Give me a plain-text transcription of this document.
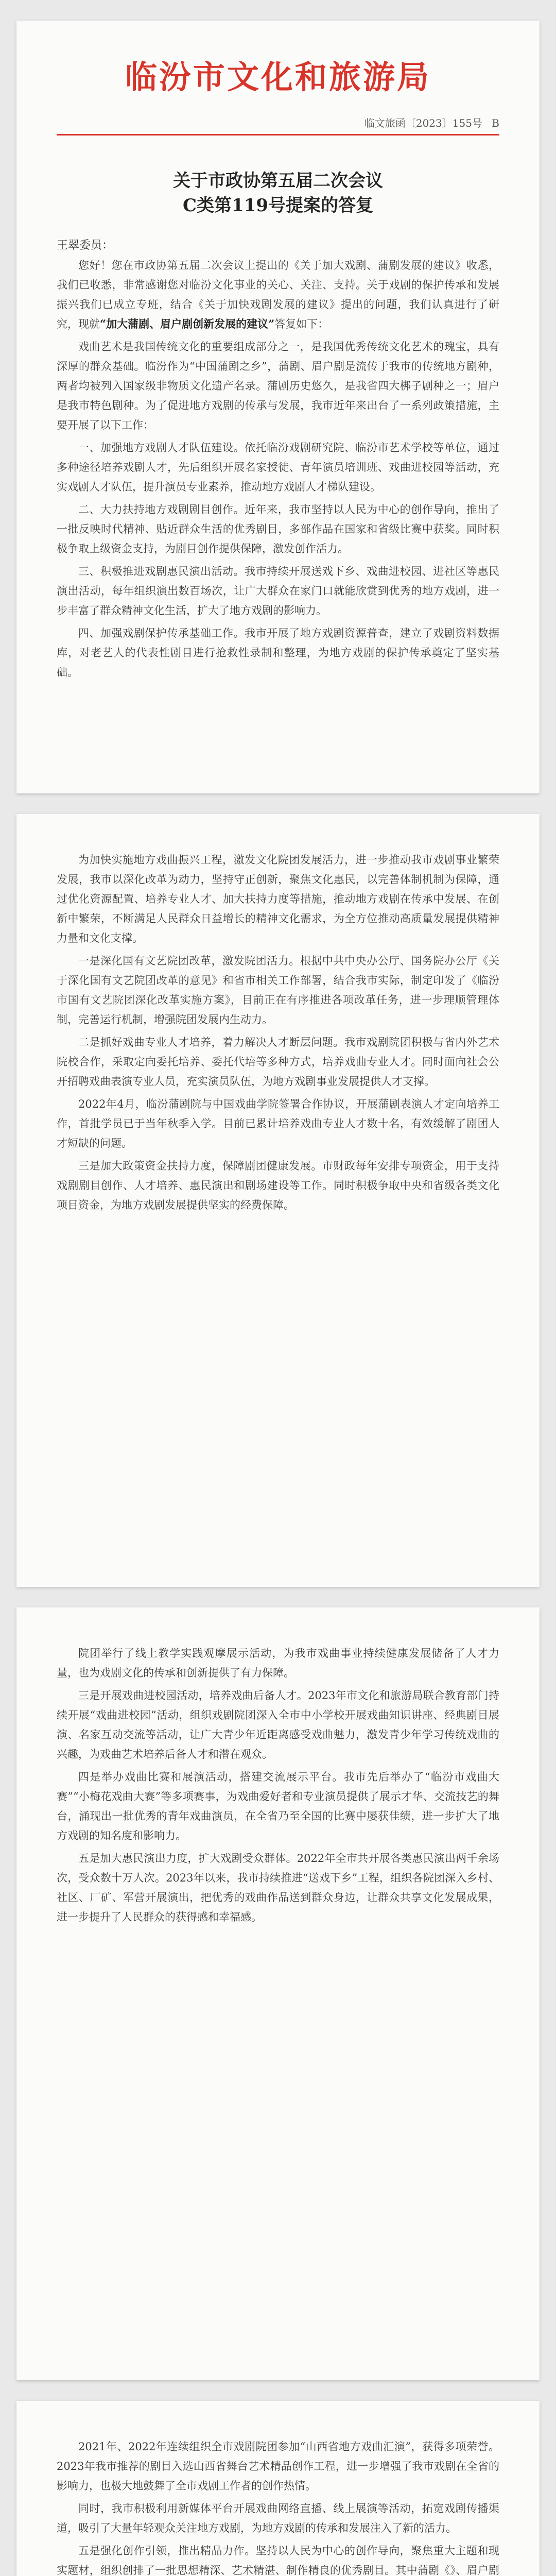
临汾市文化和旅游局
临文旅函〔2023〕155号 B
关于市政协第五届二次会议
C类第119号提案的答复
王翠委员：

您好！您在市政协第五届二次会议上提出的《关于加大戏剧、蒲剧发展的建议》收悉，我们已收悉，非常感谢您对临汾文化事业的关心、关注、支持。关于戏剧的保护传承和发展振兴我们已成立专班，结合《关于加快戏剧发展的建议》提出的问题，我们认真进行了研究，现就“加大蒲剧、眉户剧创新发展的建议”答复如下：

戏曲艺术是我国传统文化的重要组成部分之一，是我国优秀传统文化艺术的瑰宝，具有深厚的群众基础。临汾作为“中国蒲剧之乡”，蒲剧、眉户剧是流传于我市的传统地方剧种，两者均被列入国家级非物质文化遗产名录。蒲剧历史悠久，是我省四大梆子剧种之一；眉户是我市特色剧种。为了促进地方戏剧的传承与发展，我市近年来出台了一系列政策措施，主要开展了以下工作：

一、加强地方戏剧人才队伍建设。依托临汾戏剧研究院、临汾市艺术学校等单位，通过多种途径培养戏剧人才，先后组织开展名家授徒、青年演员培训班、戏曲进校园等活动，充实戏剧人才队伍，提升演员专业素养，推动地方戏剧人才梯队建设。

二、大力扶持地方戏剧剧目创作。近年来，我市坚持以人民为中心的创作导向，推出了一批反映时代精神、贴近群众生活的优秀剧目，多部作品在国家和省级比赛中获奖。同时积极争取上级资金支持，为剧目创作提供保障，激发创作活力。

三、积极推进戏剧惠民演出活动。我市持续开展送戏下乡、戏曲进校园、进社区等惠民演出活动，每年组织演出数百场次，让广大群众在家门口就能欣赏到优秀的地方戏剧，进一步丰富了群众精神文化生活，扩大了地方戏剧的影响力。

四、加强戏剧保护传承基础工作。我市开展了地方戏剧资源普查，建立了戏剧资料数据库，对老艺人的代表性剧目进行抢救性录制和整理，为地方戏剧的保护传承奠定了坚实基础。

为加快实施地方戏曲振兴工程，激发文化院团发展活力，进一步推动我市戏剧事业繁荣发展，我市以深化改革为动力，坚持守正创新，聚焦文化惠民，以完善体制机制为保障，通过优化资源配置、培养专业人才、加大扶持力度等措施，推动地方戏剧在传承中发展、在创新中繁荣，不断满足人民群众日益增长的精神文化需求，为全方位推动高质量发展提供精神力量和文化支撑。

一是深化国有文艺院团改革，激发院团活力。根据中共中央办公厅、国务院办公厅《关于深化国有文艺院团改革的意见》和省市相关工作部署，结合我市实际，制定印发了《临汾市国有文艺院团深化改革实施方案》，目前正在有序推进各项改革任务，进一步理顺管理体制，完善运行机制，增强院团发展内生动力。

二是抓好戏曲专业人才培养，着力解决人才断层问题。我市戏剧院团积极与省内外艺术院校合作，采取定向委托培养、委托代培等多种方式，培养戏曲专业人才。同时面向社会公开招聘戏曲表演专业人员，充实演员队伍，为地方戏剧事业发展提供人才支撑。

2022年4月，临汾蒲剧院与中国戏曲学院签署合作协议，开展蒲剧表演人才定向培养工作，首批学员已于当年秋季入学。目前已累计培养戏曲专业人才数十名，有效缓解了剧团人才短缺的问题。

三是加大政策资金扶持力度，保障剧团健康发展。市财政每年安排专项资金，用于支持戏剧剧目创作、人才培养、惠民演出和剧场建设等工作。同时积极争取中央和省级各类文化项目资金，为地方戏剧发展提供坚实的经费保障。

院团举行了线上教学实践观摩展示活动，为我市戏曲事业持续健康发展储备了人才力量，也为戏剧文化的传承和创新提供了有力保障。

三是开展戏曲进校园活动，培养戏曲后备人才。2023年市文化和旅游局联合教育部门持续开展“戏曲进校园”活动，组织戏剧院团深入全市中小学校开展戏曲知识讲座、经典剧目展演、名家互动交流等活动，让广大青少年近距离感受戏曲魅力，激发青少年学习传统戏曲的兴趣，为戏曲艺术培养后备人才和潜在观众。

四是举办戏曲比赛和展演活动，搭建交流展示平台。我市先后举办了“临汾市戏曲大赛”“小梅花戏曲大赛”等多项赛事，为戏曲爱好者和专业演员提供了展示才华、交流技艺的舞台，涌现出一批优秀的青年戏曲演员，在全省乃至全国的比赛中屡获佳绩，进一步扩大了地方戏剧的知名度和影响力。

五是加大惠民演出力度，扩大戏剧受众群体。2022年全市共开展各类惠民演出两千余场次，受众数十万人次。2023年以来，我市持续推进“送戏下乡”工程，组织各院团深入乡村、社区、厂矿、军营开展演出，把优秀的戏曲作品送到群众身边，让群众共享文化发展成果，进一步提升了人民群众的获得感和幸福感。

2021年、2022年连续组织全市戏剧院团参加“山西省地方戏曲汇演”，获得多项荣誉。2023年我市推荐的剧目入选山西省舞台艺术精品创作工程，进一步增强了我市戏剧在全省的影响力，也极大地鼓舞了全市戏剧工作者的创作热情。

同时，我市积极利用新媒体平台开展戏曲网络直播、线上展演等活动，拓宽戏剧传播渠道，吸引了大量年轻观众关注地方戏剧，为地方戏剧的传承和发展注入了新的活力。

五是强化创作引领，推出精品力作。坚持以人民为中心的创作导向，聚焦重大主题和现实题材，组织创排了一批思想精深、艺术精湛、制作精良的优秀剧目。其中蒲剧《》、眉户剧
